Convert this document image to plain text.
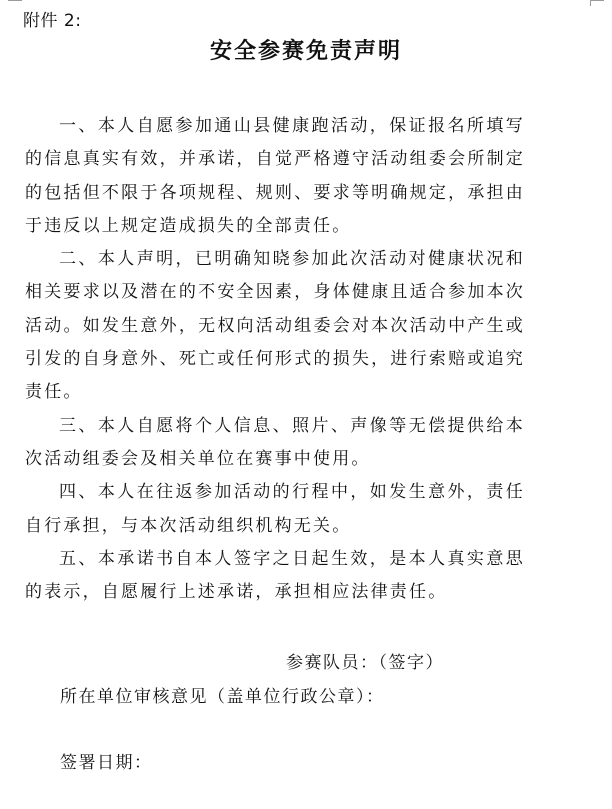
附件 2:
安全参赛免责声明

一、本人自愿参加通山县健康跑活动，保证报名所填写的信息真实有效，并承诺，自觉严格遵守活动组委会所制定的包括但不限于各项规程、规则、要求等明确规定，承担由于违反以上规定造成损失的全部责任。

二、本人声明，已明确知晓参加此次活动对健康状况和相关要求以及潜在的不安全因素，身体健康且适合参加本次活动。如发生意外，无权向活动组委会对本次活动中产生或引发的自身意外、死亡或任何形式的损失，进行索赔或追究责任。

三、本人自愿将个人信息、照片、声像等无偿提供给本次活动组委会及相关单位在赛事中使用。

四、本人在往返参加活动的行程中，如发生意外，责任自行承担，与本次活动组织机构无关。

五、本承诺书自本人签字之日起生效，是本人真实意思的表示，自愿履行上述承诺，承担相应法律责任。

参赛队员：（签字）
所在单位审核意见（盖单位行政公章）：
签署日期：
